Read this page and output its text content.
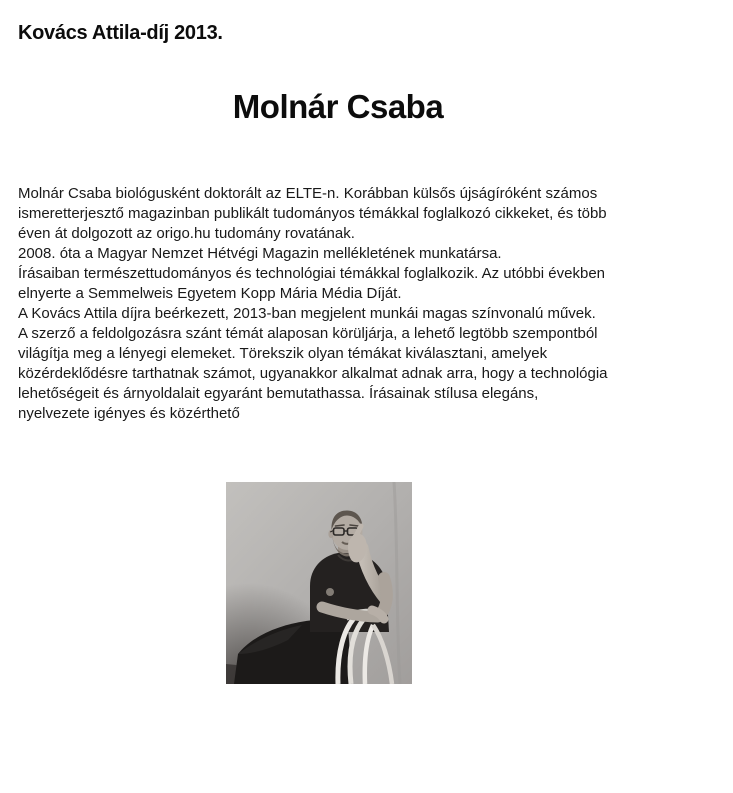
Kovács Attila-díj 2013.
Molnár Csaba
Molnár Csaba biológusként doktorált az ELTE-n. Korábban külsős újságíróként számos
ismeretterjesztő magazinban publikált tudományos témákkal foglalkozó cikkeket, és több
éven át dolgozott az origo.hu tudomány rovatának.
2008. óta a Magyar Nemzet Hétvégi Magazin mellékletének munkatársa.
Írásaiban természettudományos és technológiai témákkal foglalkozik. Az utóbbi években
elnyerte a Semmelweis Egyetem Kopp Mária Média Díját.
A Kovács Attila díjra beérkezett, 2013-ban megjelent munkái magas színvonalú művek.
A szerző a feldolgozásra szánt témát alaposan körüljárja, a lehető legtöbb szempontból
világítja meg a lényegi elemeket. Törekszik olyan témákat kiválasztani, amelyek
közérdeklődésre tarthatnak számot, ugyanakkor alkalmat adnak arra, hogy a technológia
lehetőségeit és árnyoldalait egyaránt bemutathassa. Írásainak stílusa elegáns,
nyelvezete igényes és közérthető
